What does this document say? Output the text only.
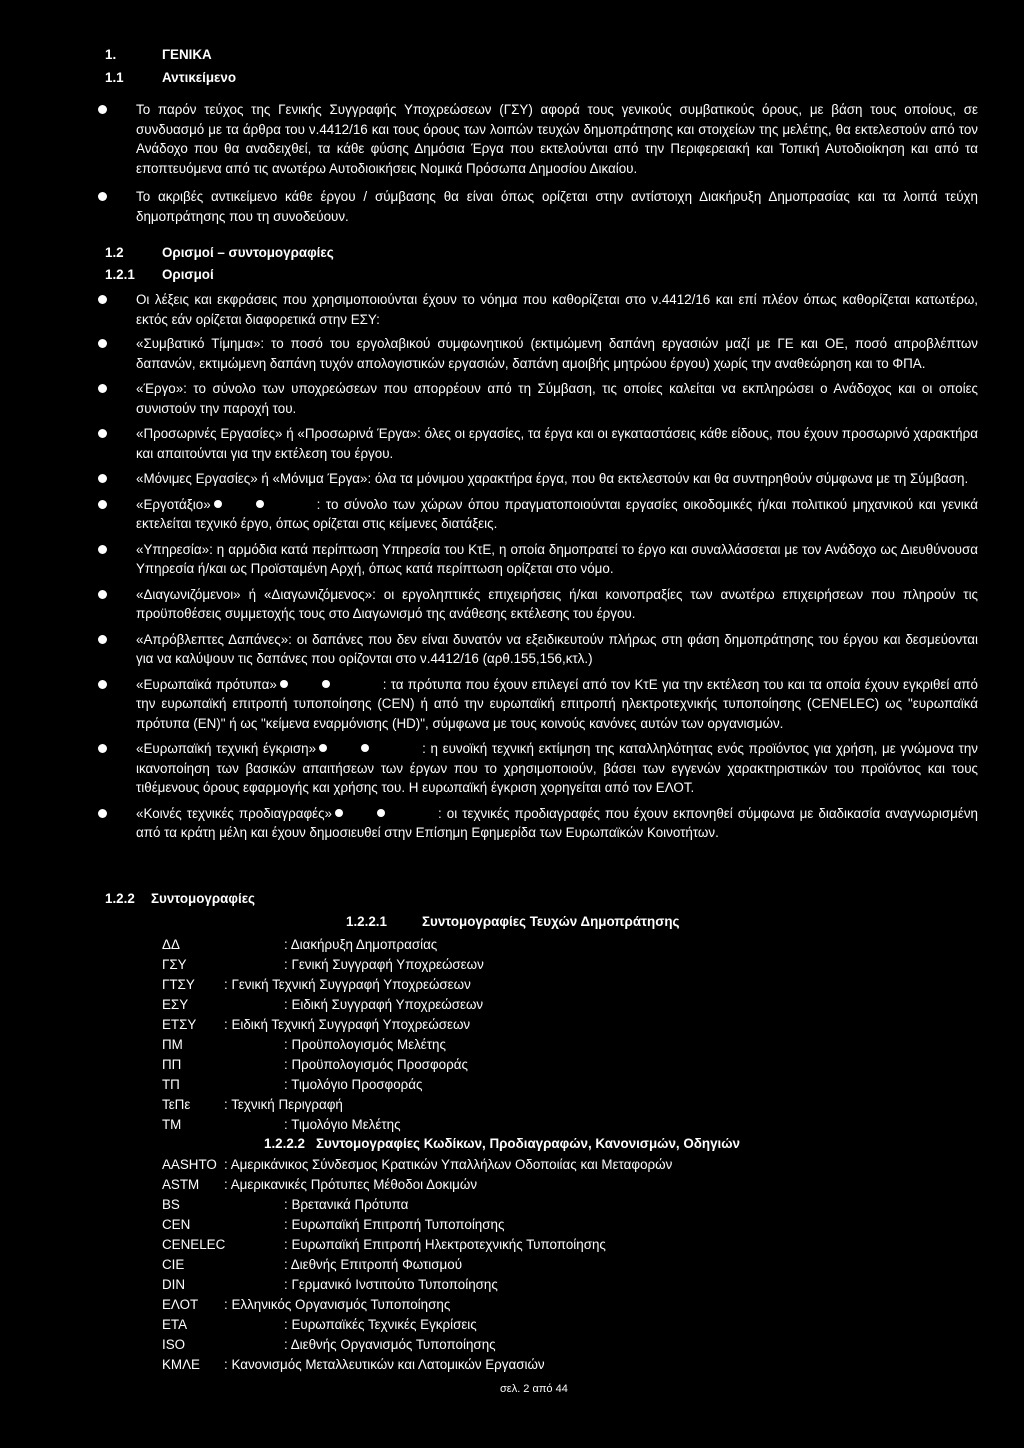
1.	ΓΕΝΙΚΑ
1.1	Αντικείμενο
Το παρόν τεύχος της Γενικής Συγγραφής Υποχρεώσεων (ΓΣΥ) αφορά τους γενικούς συμβατικούς όρους, με βάση τους οποίους, σε συνδυασμό με τα άρθρα του ν.4412/16 και τους όρους των λοιπών τευχών δημοπράτησης και στοιχείων της μελέτης, θα εκτελεστούν από τον Ανάδοχο που θα αναδειχθεί, τα κάθε φύσης Δημόσια Έργα που εκτελούνται από την Περιφερειακή και Τοπική Αυτοδιοίκηση και από τα εποπτευόμενα από τις ανωτέρω Αυτοδιοικήσεις Νομικά Πρόσωπα Δημοσίου Δικαίου.
Το ακριβές αντικείμενο κάθε έργου / σύμβασης θα είναι όπως ορίζεται στην αντίστοιχη Διακήρυξη Δημοπρασίας και τα λοιπά τεύχη δημοπράτησης που τη συνοδεύουν.
1.2	Ορισμοί – συντομογραφίες
1.2.1 Ορισμοί
Οι λέξεις και εκφράσεις που χρησιμοποιούνται έχουν το νόημα που καθορίζεται στο ν.4412/16 και επί πλέον όπως καθορίζεται κατωτέρω, εκτός εάν ορίζεται διαφορετικά στην ΕΣΥ:
«Συμβατικό Τίμημα»: το ποσό του εργολαβικού συμφωνητικού (εκτιμώμενη δαπάνη εργασιών μαζί με ΓΕ και ΟΕ, ποσό απροβλέπτων δαπανών, εκτιμώμενη δαπάνη τυχόν απολογιστικών εργασιών, δαπάνη αμοιβής μητρώου έργου) χωρίς την αναθεώρηση και το ΦΠΑ.
«Έργο»: το σύνολο των υποχρεώσεων που απορρέουν από τη Σύμβαση, τις οποίες καλείται να εκπληρώσει ο Ανάδοχος και οι οποίες συνιστούν την παροχή του.
«Προσωρινές Εργασίες» ή «Προσωρινά Έργα»: όλες οι εργασίες, τα έργα και οι εγκαταστάσεις κάθε είδους, που έχουν προσωρινό χαρακτήρα και απαιτούνται για την εκτέλεση του έργου.
«Μόνιμες Εργασίες» ή «Μόνιμα Έργα»: όλα τα μόνιμου χαρακτήρα έργα, που θα εκτελεστούν και θα συντηρηθούν σύμφωνα με τη Σύμβαση.
«Εργοτάξιο»	: το σύνολο των χώρων όπου πραγματοποιούνται εργασίες οικοδομικές ή/και πολιτικού μηχανικού και γενικά εκτελείται τεχνικό έργο, όπως ορίζεται στις κείμενες διατάξεις.
«Υπηρεσία»: η αρμόδια κατά περίπτωση Υπηρεσία του ΚτΕ, η οποία δημοπρατεί το έργο και συναλλάσσεται με τον Ανάδοχο ως Διευθύνουσα Υπηρεσία ή/και ως Προϊσταμένη Αρχή, όπως κατά περίπτωση ορίζεται στο νόμο.
«Διαγωνιζόμενοι» ή «Διαγωνιζόμενος»: οι εργοληπτικές επιχειρήσεις ή/και κοινοπραξίες των ανωτέρω επιχειρήσεων που πληρούν τις προϋποθέσεις συμμετοχής τους στο Διαγωνισμό της ανάθεσης εκτέλεσης του έργου.
«Απρόβλεπτες Δαπάνες»: οι δαπάνες που δεν είναι δυνατόν να εξειδικευτούν πλήρως στη φάση δημοπράτησης του έργου και δεσμεύονται για να καλύψουν τις δαπάνες που ορίζονται στο ν.4412/16 (αρθ.155,156,κτλ.)
«Ευρωπαϊκά πρότυπα»	: τα πρότυπα που έχουν επιλεγεί από τον ΚτΕ για την εκτέλεση του και τα οποία έχουν εγκριθεί από την ευρωπαϊκή επιτροπή τυποποίησης (CEN) ή από την ευρωπαϊκή επιτροπή ηλεκτροτεχνικής τυποποίησης (CENELEC) ως "ευρωπαϊκά πρότυπα (EN)" ή ως "κείμενα εναρμόνισης (HD)", σύμφωνα με τους κοινούς κανόνες αυτών των οργανισμών.
«Ευρωπαϊκή τεχνική έγκριση»	: η ευνοϊκή τεχνική εκτίμηση της καταλληλότητας ενός προϊόντος για χρήση, με γνώμονα την ικανοποίηση των βασικών απαιτήσεων των έργων που το χρησιμοποιούν, βάσει των εγγενών χαρακτηριστικών του προϊόντος και τους τιθέμενους όρους εφαρμογής και χρήσης του. Η ευρωπαϊκή έγκριση χορηγείται από τον ΕΛΟΤ.
«Κοινές τεχνικές προδιαγραφές»	: οι τεχνικές προδιαγραφές που έχουν εκπονηθεί σύμφωνα με διαδικασία αναγνωρισμένη από τα κράτη μέλη και έχουν δημοσιευθεί στην Επίσημη Εφημερίδα των Ευρωπαϊκών Κοινοτήτων.
1.2.2 Συντομογραφίες
1.2.2.1	Συντομογραφίες Τευχών Δημοπράτησης
ΔΔ	: Διακήρυξη Δημοπρασίας
ΓΣΥ	: Γενική Συγγραφή Υποχρεώσεων
ΓΤΣΥ : Γενική Τεχνική Συγγραφή Υποχρεώσεων
ΕΣΥ	: Ειδική Συγγραφή Υποχρεώσεων
ΕΤΣΥ : Ειδική Τεχνική Συγγραφή Υποχρεώσεων
ΠΜ	: Προϋπολογισμός Μελέτης
ΠΠ	: Προϋπολογισμός Προσφοράς
ΤΠ	: Τιμολόγιο Προσφοράς
ΤεΠε	: Τεχνική Περιγραφή
ΤΜ	: Τιμολόγιο Μελέτης
1.2.2.2 Συντομογραφίες Κωδίκων, Προδιαγραφών, Κανονισμών, Οδηγιών
AASHTO : Αμερικάνικος Σύνδεσμος Κρατικών Υπαλλήλων Οδοποιίας και Μεταφορών
ASTM : Αμερικανικές Πρότυπες Μέθοδοι Δοκιμών
BS	: Βρετανικά Πρότυπα
CEN	: Ευρωπαϊκή Επιτροπή Τυποποίησης
CENELEC	: Ευρωπαϊκή Επιτροπή Ηλεκτροτεχνικής Τυποποίησης
CIE	: Διεθνής Επιτροπή Φωτισμού
DIN	: Γερμανικό Ινστιτούτο Τυποποίησης
ΕΛΟΤ : Ελληνικός Οργανισμός Τυποποίησης
ETA	: Ευρωπαϊκές Τεχνικές Εγκρίσεις
ISO	: Διεθνής Οργανισμός Τυποποίησης
ΚΜΛΕ : Κανονισμός Μεταλλευτικών και Λατομικών Εργασιών
σελ. 2 από 44
